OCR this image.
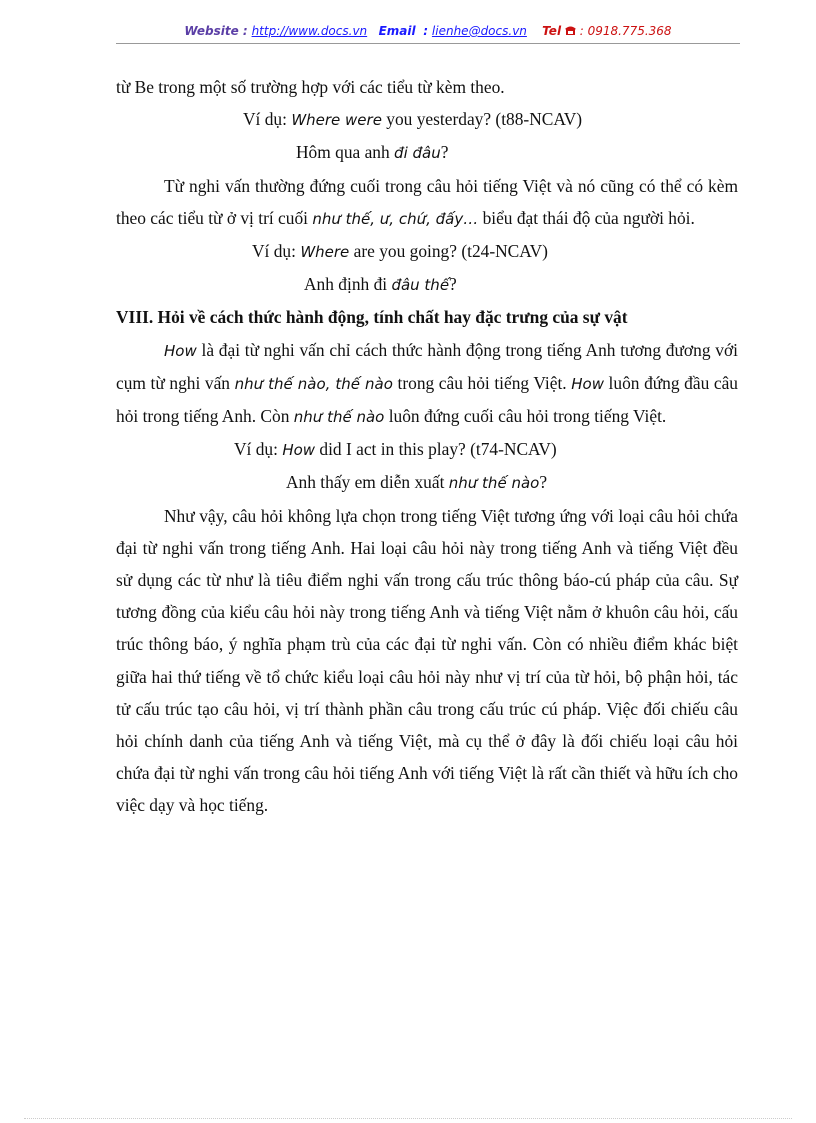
Website : http://www.docs.vn Email : lienhe@docs.vn Tel : 0918.775.368

từ Be trong một số trường hợp với các tiểu từ kèm theo.

Ví dụ: Where were you yesterday? (t88-NCAV)

Hôm qua anh đi đâu?

Từ nghi vấn thường đứng cuối trong câu hỏi tiếng Việt và nó cũng có thể có kèm theo các tiểu từ ở vị trí cuối như thế, ư, chứ, đấy… biểu đạt thái độ của người hỏi.

Ví dụ: Where are you going? (t24-NCAV)

Anh định đi đâu thế?

VIII. Hỏi về cách thức hành động, tính chất hay đặc trưng của sự vật

How là đại từ nghi vấn chỉ cách thức hành động trong tiếng Anh tương đương với cụm từ nghi vấn như thế nào, thế nào trong câu hỏi tiếng Việt. How luôn đứng đầu câu hỏi trong tiếng Anh. Còn như thế nào luôn đứng cuối câu hỏi trong tiếng Việt.

Ví dụ: How did I act in this play? (t74-NCAV)

Anh thấy em diễn xuất như thế nào?

Như vậy, câu hỏi không lựa chọn trong tiếng Việt tương ứng với loại câu hỏi chứa đại từ nghi vấn trong tiếng Anh. Hai loại câu hỏi này trong tiếng Anh và tiếng Việt đều sử dụng các từ như là tiêu điểm nghi vấn trong cấu trúc thông báo-cú pháp của câu. Sự tương đồng của kiểu câu hỏi này trong tiếng Anh và tiếng Việt nằm ở khuôn câu hỏi, cấu trúc thông báo, ý nghĩa phạm trù của các đại từ nghi vấn. Còn có nhiều điểm khác biệt giữa hai thứ tiếng về tổ chức kiểu loại câu hỏi này như vị trí của từ hỏi, bộ phận hỏi, tác tử cấu trúc tạo câu hỏi, vị trí thành phần câu trong cấu trúc cú pháp. Việc đối chiếu câu hỏi chính danh của tiếng Anh và tiếng Việt, mà cụ thể ở đây là đối chiếu loại câu hỏi chứa đại từ nghi vấn trong câu hỏi tiếng Anh với tiếng Việt là rất cần thiết và hữu ích cho việc dạy và học tiếng.
